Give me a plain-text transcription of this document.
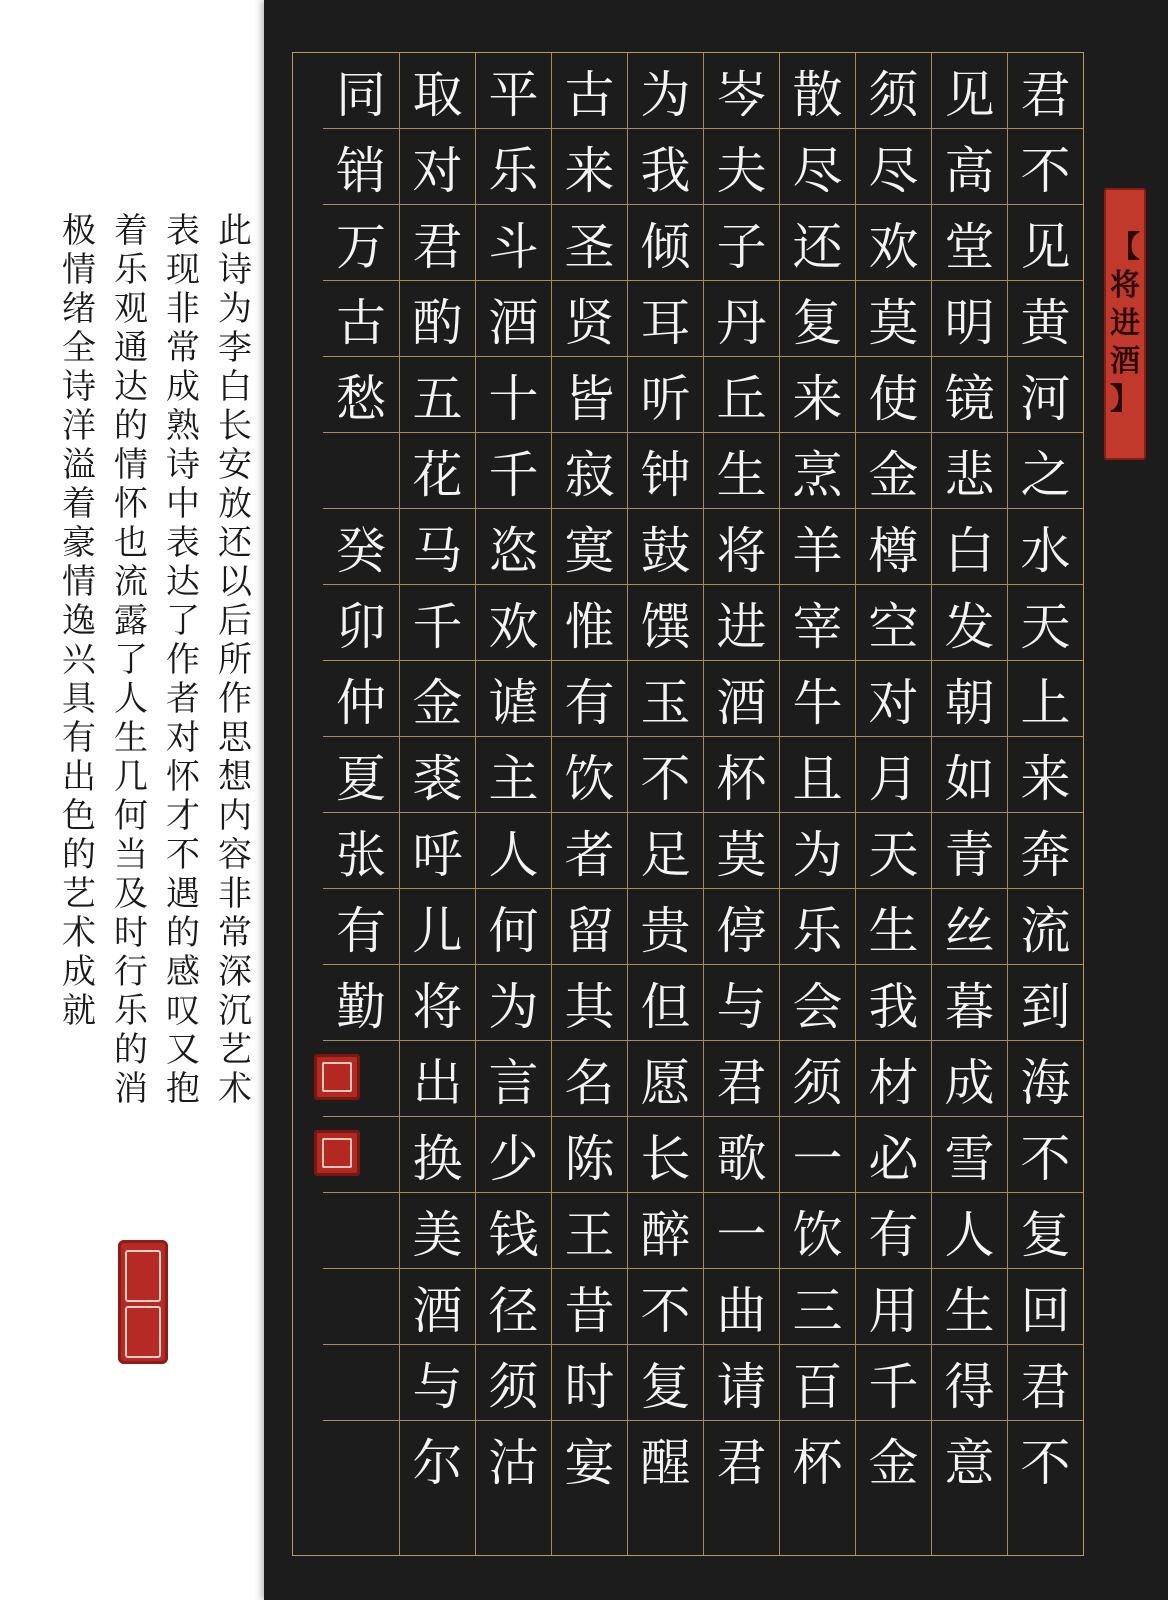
此
诗
为
李
白
长
安
放
还
以
后
所
作
思
想
内
容
非
常
深
沉
艺
术
表
现
非
常
成
熟
诗
中
表
达
了
作
者
对
怀
才
不
遇
的
感
叹
又
抱
着
乐
观
通
达
的
情
怀
也
流
露
了
人
生
几
何
当
及
时
行
乐
的
消
极
情
绪
全
诗
洋
溢
着
豪
情
逸
兴
具
有
出
色
的
艺
术
成
就
君
不
见
黄
河
之
水
天
上
来
奔
流
到
海
不
复
回
君
不
见
高
堂
明
镜
悲
白
发
朝
如
青
丝
暮
成
雪
人
生
得
意
须
尽
欢
莫
使
金
樽
空
对
月
天
生
我
材
必
有
用
千
金
散
尽
还
复
来
烹
羊
宰
牛
且
为
乐
会
须
一
饮
三
百
杯
岑
夫
子
丹
丘
生
将
进
酒
杯
莫
停
与
君
歌
一
曲
请
君
为
我
倾
耳
听
钟
鼓
馔
玉
不
足
贵
但
愿
长
醉
不
复
醒
古
来
圣
贤
皆
寂
寞
惟
有
饮
者
留
其
名
陈
王
昔
时
宴
平
乐
斗
酒
十
千
恣
欢
谑
主
人
何
为
言
少
钱
径
须
沽
取
对
君
酌
五
花
马
千
金
裘
呼
儿
将
出
换
美
酒
与
尔
同
销
万
古
愁
癸
卯
仲
夏
张
有
勤
【
将
进
酒
】
